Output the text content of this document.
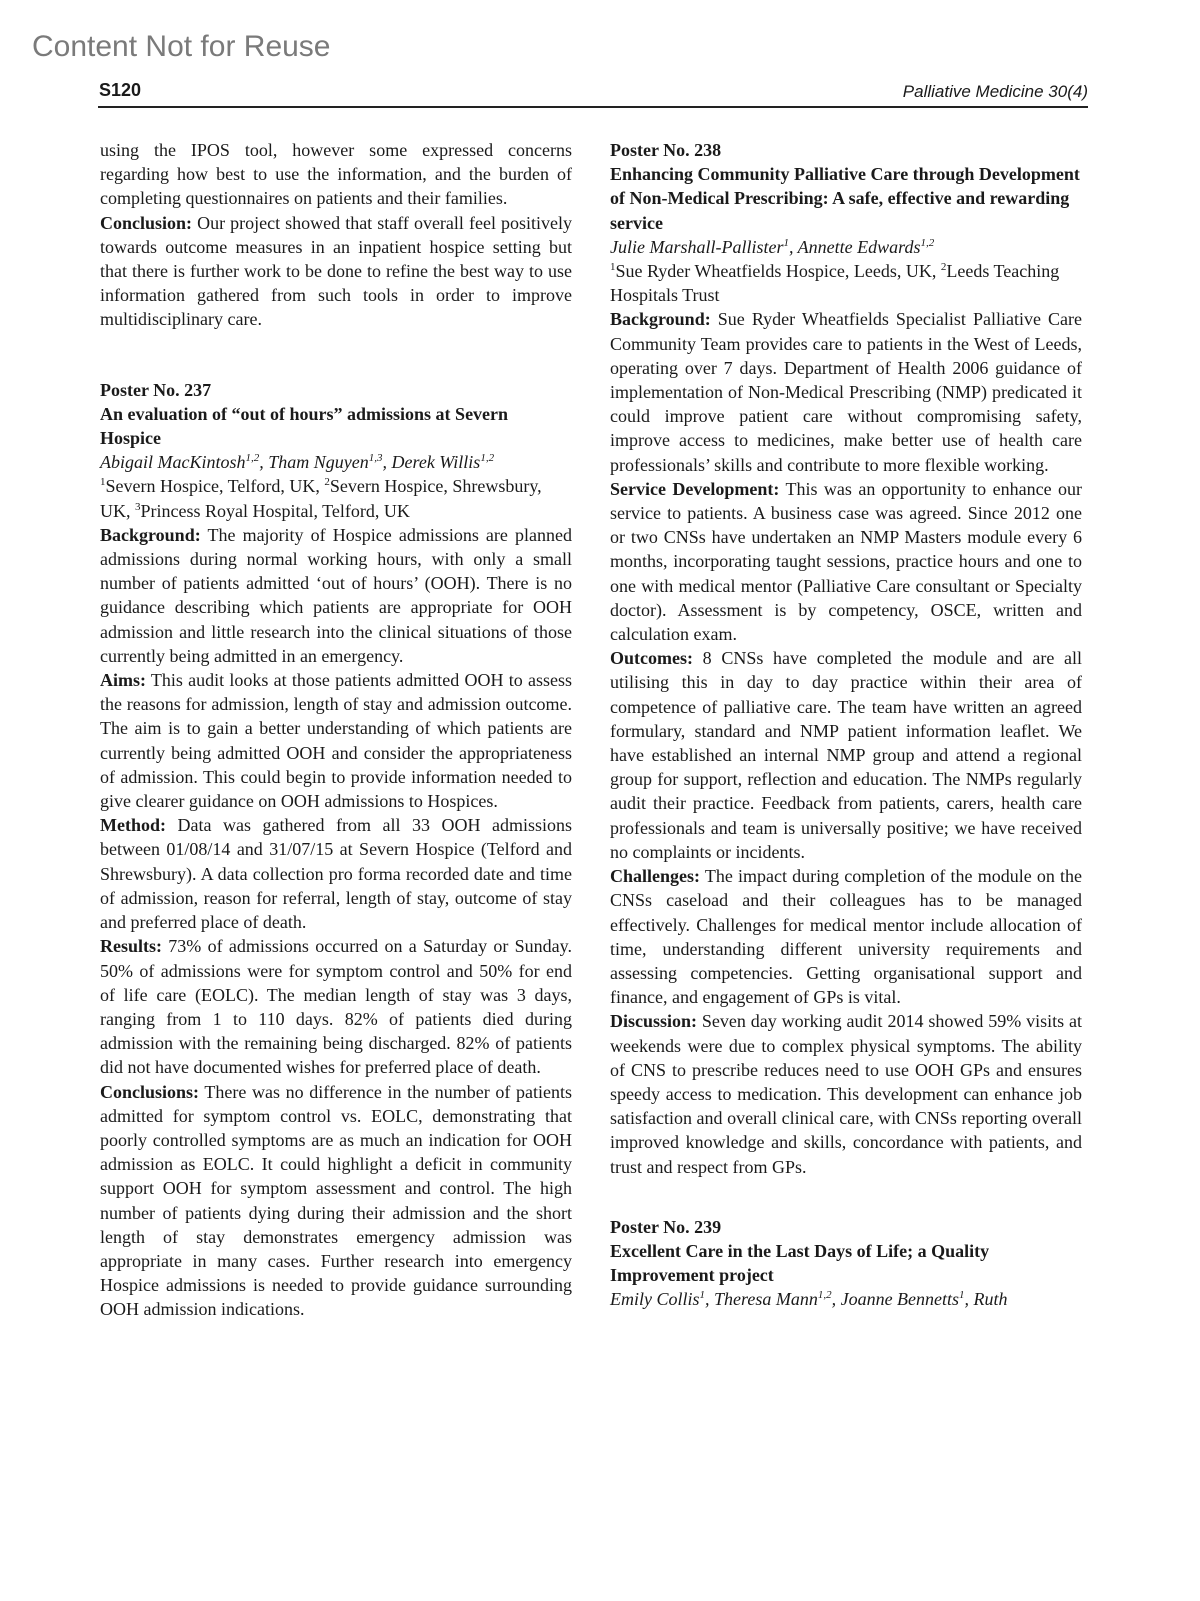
Content Not for Reuse
S120	Palliative Medicine 30(4)

using the IPOS tool, however some expressed concerns regarding how best to use the information, and the burden of completing questionnaires on patients and their families.

Conclusion: Our project showed that staff overall feel positively towards outcome measures in an inpatient hospice setting but that there is further work to be done to refine the best way to use information gathered from such tools in order to improve multidisciplinary care.

Poster No. 237

An evaluation of “out of hours” admissions at Severn Hospice

Abigail MacKintosh$^{1,2}$, Tham Nguyen$^{1,3}$, Derek Willis$^{1,2}$

$^1$Severn Hospice, Telford, UK, $^2$Severn Hospice, Shrewsbury, UK, $^3$Princess Royal Hospital, Telford, UK

Background: The majority of Hospice admissions are planned admissions during normal working hours, with only a small number of patients admitted ‘out of hours’ (OOH). There is no guidance describing which patients are appropriate for OOH admission and little research into the clinical situations of those currently being admitted in an emergency.

Aims: This audit looks at those patients admitted OOH to assess the reasons for admission, length of stay and admission outcome. The aim is to gain a better understanding of which patients are currently being admitted OOH and consider the appropriateness of admission. This could begin to provide information needed to give clearer guidance on OOH admissions to Hospices.

Method: Data was gathered from all 33 OOH admissions between 01/08/14 and 31/07/15 at Severn Hospice (Telford and Shrewsbury). A data collection pro forma recorded date and time of admission, reason for referral, length of stay, outcome of stay and preferred place of death.

Results: 73% of admissions occurred on a Saturday or Sunday. 50% of admissions were for symptom control and 50% for end of life care (EOLC). The median length of stay was 3 days, ranging from 1 to 110 days. 82% of patients died during admission with the remaining being discharged. 82% of patients did not have documented wishes for preferred place of death.

Conclusions: There was no difference in the number of patients admitted for symptom control vs. EOLC, demonstrating that poorly controlled symptoms are as much an indication for OOH admission as EOLC. It could highlight a deficit in community support OOH for symptom assessment and control. The high number of patients dying during their admission and the short length of stay demonstrates emergency admission was appropriate in many cases. Further research into emergency Hospice admissions is needed to provide guidance surrounding OOH admission indications.

Poster No. 238

Enhancing Community Palliative Care through Development of Non-Medical Prescribing: A safe, effective and rewarding service

Julie Marshall-Pallister$^1$, Annette Edwards$^{1,2}$

$^1$Sue Ryder Wheatfields Hospice, Leeds, UK, $^2$Leeds Teaching Hospitals Trust

Background: Sue Ryder Wheatfields Specialist Palliative Care Community Team provides care to patients in the West of Leeds, operating over 7 days. Department of Health 2006 guidance of implementation of Non-Medical Prescribing (NMP) predicated it could improve patient care without compromising safety, improve access to medicines, make better use of health care professionals’ skills and contribute to more flexible working.

Service Development: This was an opportunity to enhance our service to patients. A business case was agreed. Since 2012 one or two CNSs have undertaken an NMP Masters module every 6 months, incorporating taught sessions, practice hours and one to one with medical mentor (Palliative Care consultant or Specialty doctor). Assessment is by competency, OSCE, written and calculation exam.

Outcomes: 8 CNSs have completed the module and are all utilising this in day to day practice within their area of competence of palliative care. The team have written an agreed formulary, standard and NMP patient information leaflet. We have established an internal NMP group and attend a regional group for support, reflection and education. The NMPs regularly audit their practice. Feedback from patients, carers, health care professionals and team is universally positive; we have received no complaints or incidents.

Challenges: The impact during completion of the module on the CNSs caseload and their colleagues has to be managed effectively. Challenges for medical mentor include allocation of time, understanding different university requirements and assessing competencies. Getting organisational support and finance, and engagement of GPs is vital.

Discussion: Seven day working audit 2014 showed 59% visits at weekends were due to complex physical symptoms. The ability of CNS to prescribe reduces need to use OOH GPs and ensures speedy access to medication. This development can enhance job satisfaction and overall clinical care, with CNSs reporting overall improved knowledge and skills, concordance with patients, and trust and respect from GPs.

Poster No. 239

Excellent Care in the Last Days of Life; a Quality Improvement project

Emily Collis$^1$, Theresa Mann$^{1,2}$, Joanne Bennetts$^1$, Ruth
